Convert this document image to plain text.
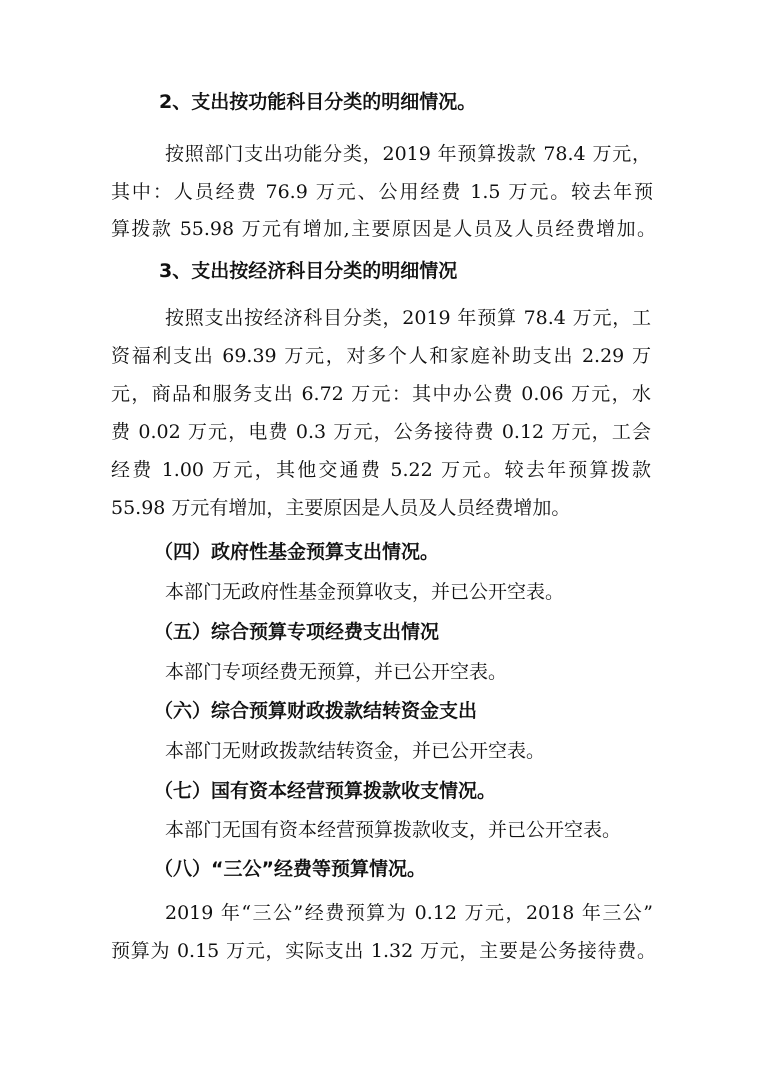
2、支出按功能科目分类的明细情况。
按照部门支出功能分类，2019 年预算拨款 78.4 万元，
其中：人员经费 76.9 万元、公用经费 1.5 万元。较去年预
算拨款 55.98 万元有增加,主要原因是人员及人员经费增加。
3、支出按经济科目分类的明细情况
按照支出按经济科目分类，2019 年预算 78.4 万元，工
资福利支出 69.39 万元，对多个人和家庭补助支出 2.29 万
元，商品和服务支出 6.72 万元：其中办公费 0.06 万元，水
费 0.02 万元，电费 0.3 万元，公务接待费 0.12 万元，工会
经费 1.00 万元，其他交通费 5.22 万元。较去年预算拨款
55.98 万元有增加，主要原因是人员及人员经费增加。
（四）政府性基金预算支出情况。
本部门无政府性基金预算收支，并已公开空表。
（五）综合预算专项经费支出情况
本部门专项经费无预算，并已公开空表。
（六）综合预算财政拨款结转资金支出
本部门无财政拨款结转资金，并已公开空表。
（七）国有资本经营预算拨款收支情况。
本部门无国有资本经营预算拨款收支，并已公开空表。
（八）“三公”经费等预算情况。
2019 年“三公”经费预算为 0.12 万元，2018 年三公”
预算为 0.15 万元，实际支出 1.32 万元，主要是公务接待费。
